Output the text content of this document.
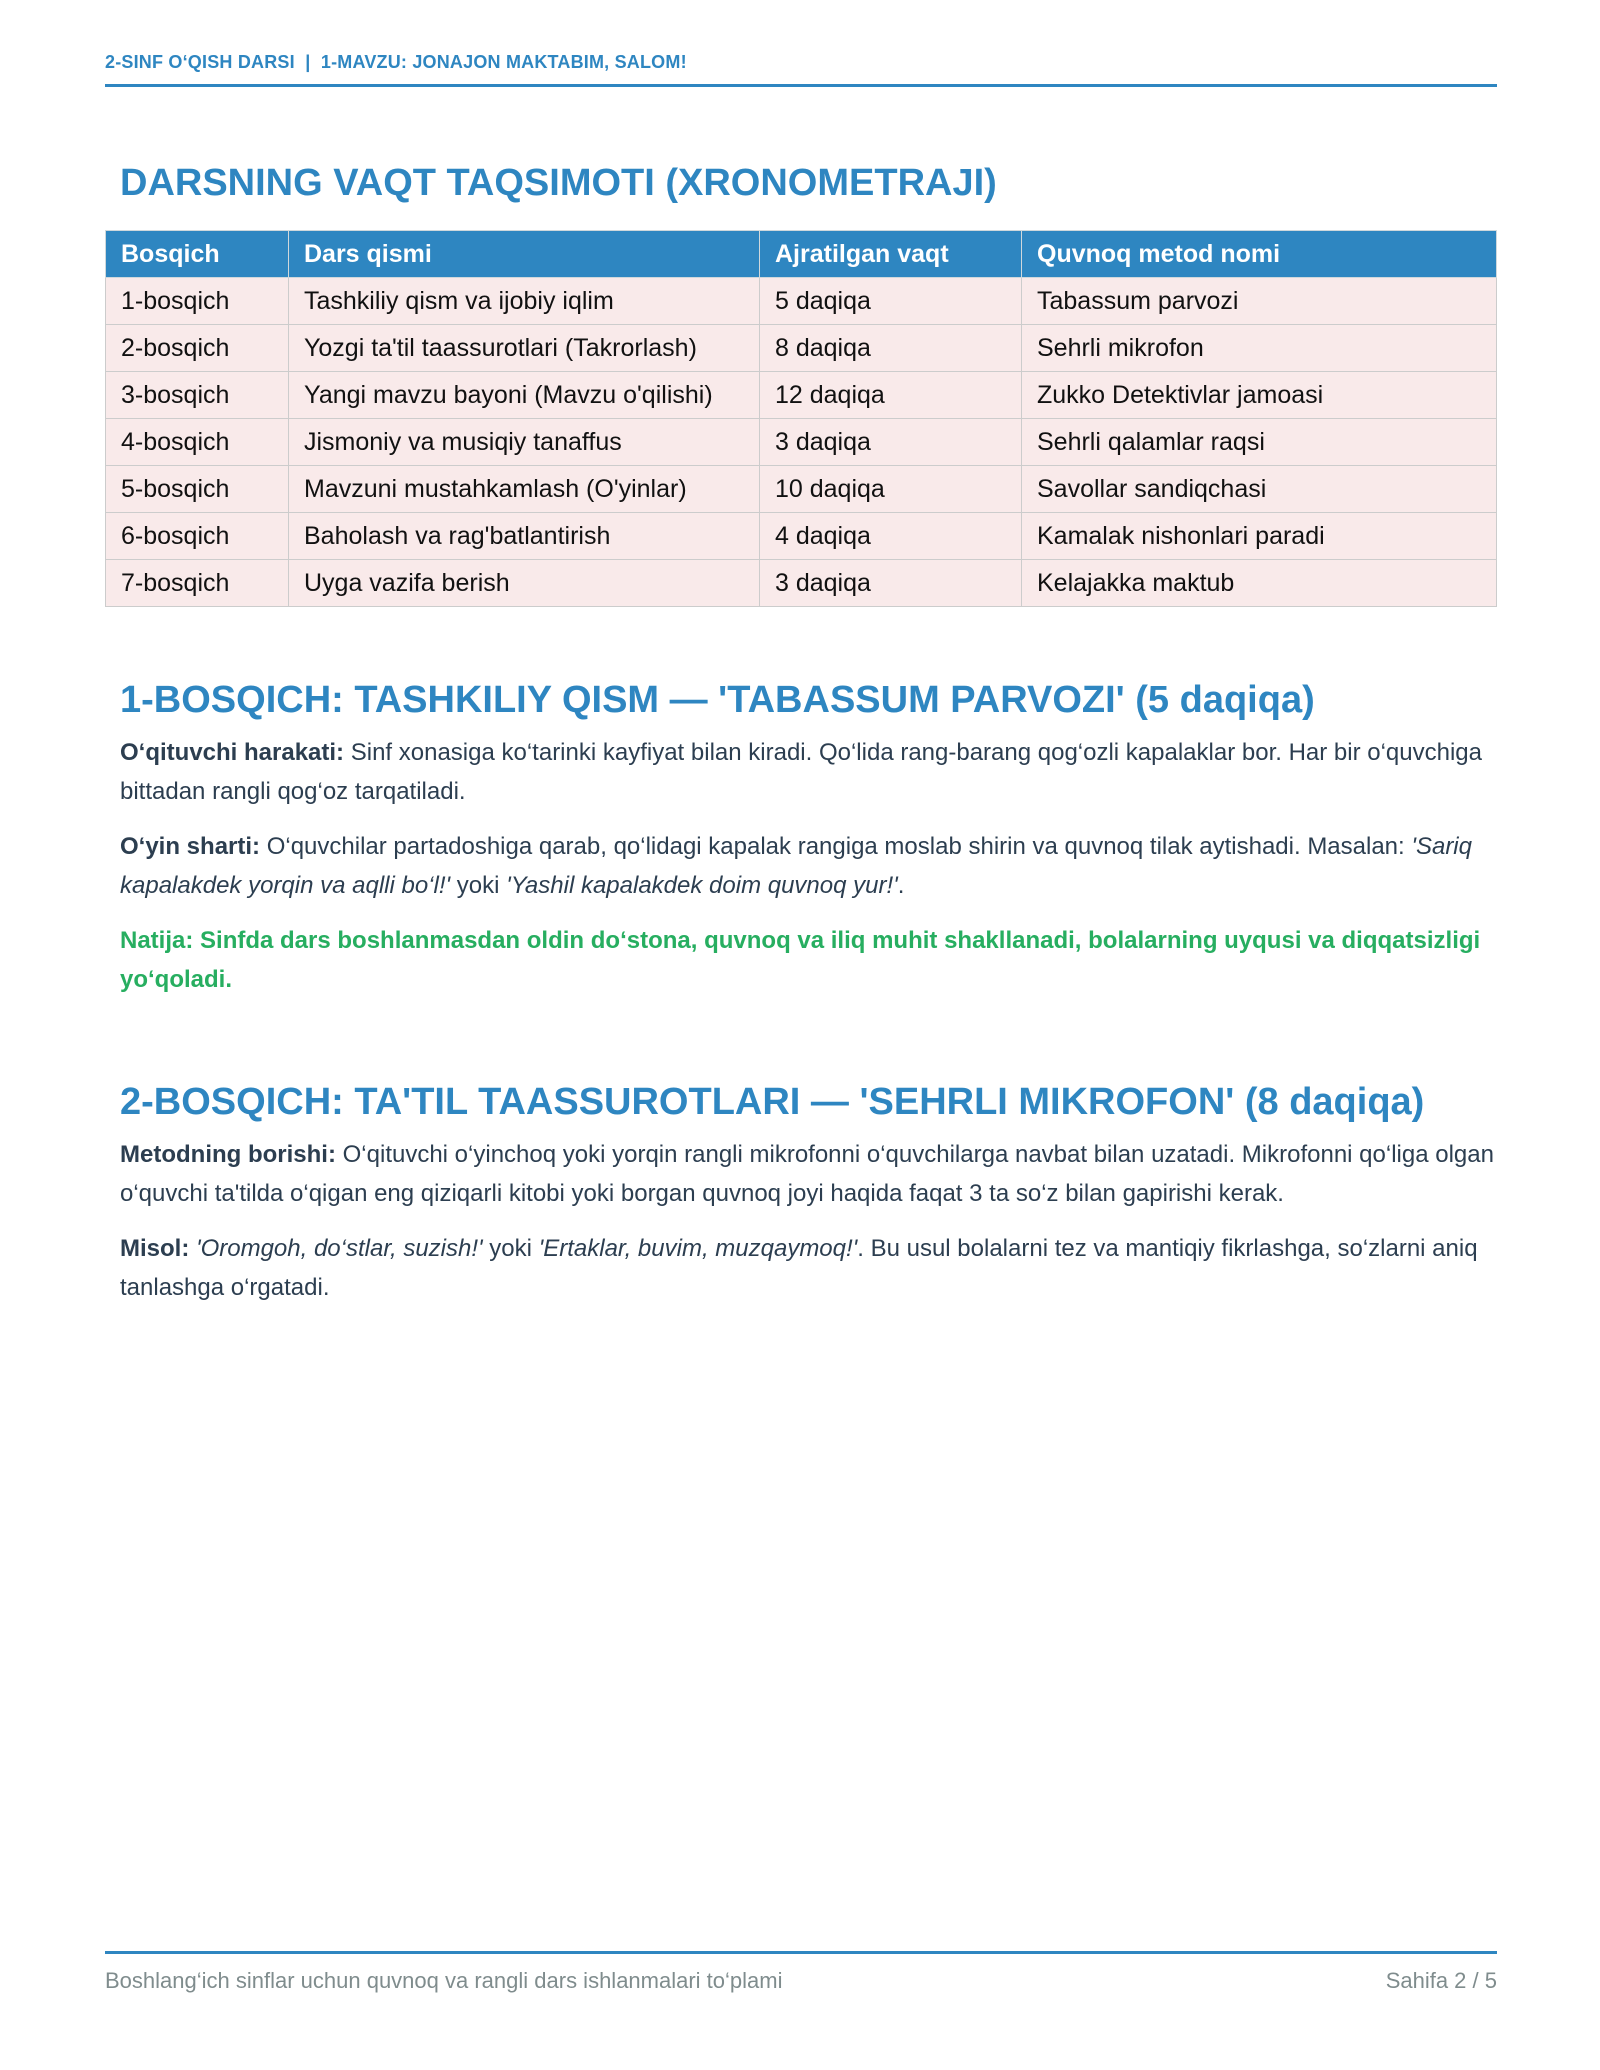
2-SINF O‘QISH DARSI  |  1-MAVZU: JONAJON MAKTABIM, SALOM!
DARSNING VAQT TAQSIMOTI (XRONOMETRAJI)
Bosqich	Dars qismi	Ajratilgan vaqt	Quvnoq metod nomi
1-bosqich	Tashkiliy qism va ijobiy iqlim	5 daqiqa	Tabassum parvozi
2-bosqich	Yozgi ta'til taassurotlari (Takrorlash)	8 daqiqa	Sehrli mikrofon
3-bosqich	Yangi mavzu bayoni (Mavzu o'qilishi)	12 daqiqa	Zukko Detektivlar jamoasi
4-bosqich	Jismoniy va musiqiy tanaffus	3 daqiqa	Sehrli qalamlar raqsi
5-bosqich	Mavzuni mustahkamlash (O'yinlar)	10 daqiqa	Savollar sandiqchasi
6-bosqich	Baholash va rag'batlantirish	4 daqiqa	Kamalak nishonlari paradi
7-bosqich	Uyga vazifa berish	3 daqiqa	Kelajakka maktub
1-BOSQICH: TASHKILIY QISM — 'TABASSUM PARVOZI' (5 daqiqa)

O‘qituvchi harakati: Sinf xonasiga ko‘tarinki kayfiyat bilan kiradi. Qo‘lida rang-barang qog‘ozli kapalaklar bor. Har bir o‘quvchiga bittadan rangli qog‘oz tarqatiladi.

O‘yin sharti: O‘quvchilar partadoshiga qarab, qo‘lidagi kapalak rangiga moslab shirin va quvnoq tilak aytishadi. Masalan: 'Sariq kapalakdek yorqin va aqlli bo‘l!' yoki 'Yashil kapalakdek doim quvnoq yur!'.

Natija: Sinfda dars boshlanmasdan oldin do‘stona, quvnoq va iliq muhit shakllanadi, bolalarning uyqusi va diqqatsizligi yo‘qoladi.

2-BOSQICH: TA'TIL TAASSUROTLARI — 'SEHRLI MIKROFON' (8 daqiqa)

Metodning borishi: O‘qituvchi o‘yinchoq yoki yorqin rangli mikrofonni o‘quvchilarga navbat bilan uzatadi. Mikrofonni qo‘liga olgan o‘quvchi ta'tilda o‘qigan eng qiziqarli kitobi yoki borgan quvnoq joyi haqida faqat 3 ta so‘z bilan gapirishi kerak.

Misol: 'Oromgoh, do‘stlar, suzish!' yoki 'Ertaklar, buvim, muzqaymoq!'. Bu usul bolalarni tez va mantiqiy fikrlashga, so‘zlarni aniq tanlashga o‘rgatadi.

Boshlang‘ich sinflar uchun quvnoq va rangli dars ishlanmalari to‘plami	Sahifa 2 / 5
